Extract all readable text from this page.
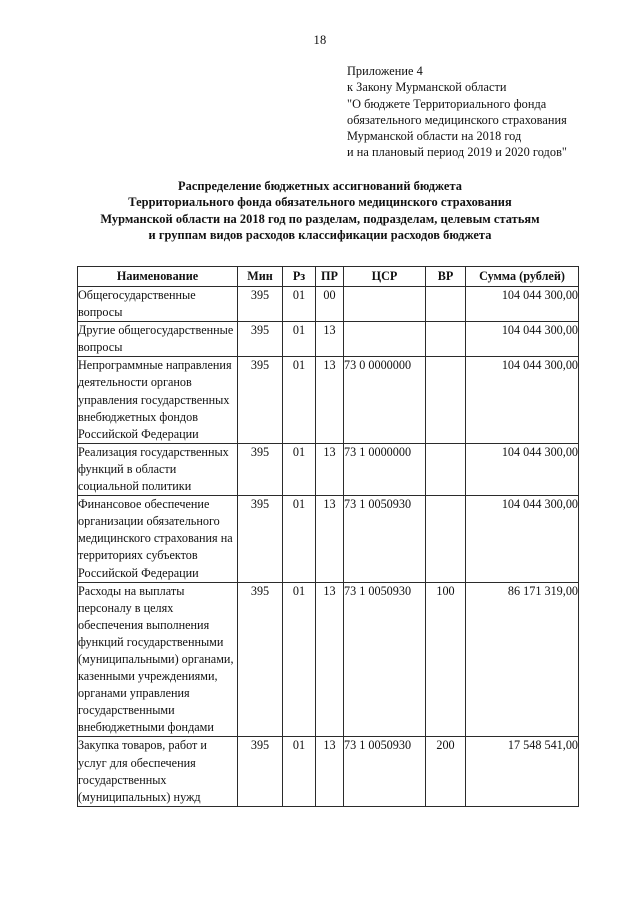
18
Приложение 4
к Закону Мурманской области
"О бюджете Территориального фонда
обязательного медицинского страхования
Мурманской области на 2018 год
и на плановый период 2019 и 2020 годов"
Распределение бюджетных ассигнований бюджета
Территориального фонда обязательного медицинского страхования
Мурманской области на 2018 год по разделам, подразделам, целевым статьям
и группам видов расходов классификации расходов бюджета
Наименование	Мин	Рз	ПР	ЦСР	ВР	Сумма (рублей)
Общегосударственные вопросы	395	01	00			104 044 300,00
Другие общегосударственные вопросы	395	01	13			104 044 300,00
Непрограммные направления деятельности органов управления государственных внебюджетных фондов Российской Федерации	395	01	13	73 0 0000000		104 044 300,00
Реализация государственных функций в области социальной политики	395	01	13	73 1 0000000		104 044 300,00
Финансовое обеспечение организации обязательного медицинского страхования на территориях субъектов Российской Федерации	395	01	13	73 1 0050930		104 044 300,00
Расходы на выплаты персоналу в целях обеспечения выполнения функций государственными (муниципальными) органами, казенными учреждениями, органами управления государственными внебюджетными фондами	395	01	13	73 1 0050930	100	86 171 319,00
Закупка товаров, работ и услуг для обеспечения государственных (муниципальных) нужд	395	01	13	73 1 0050930	200	17 548 541,00
